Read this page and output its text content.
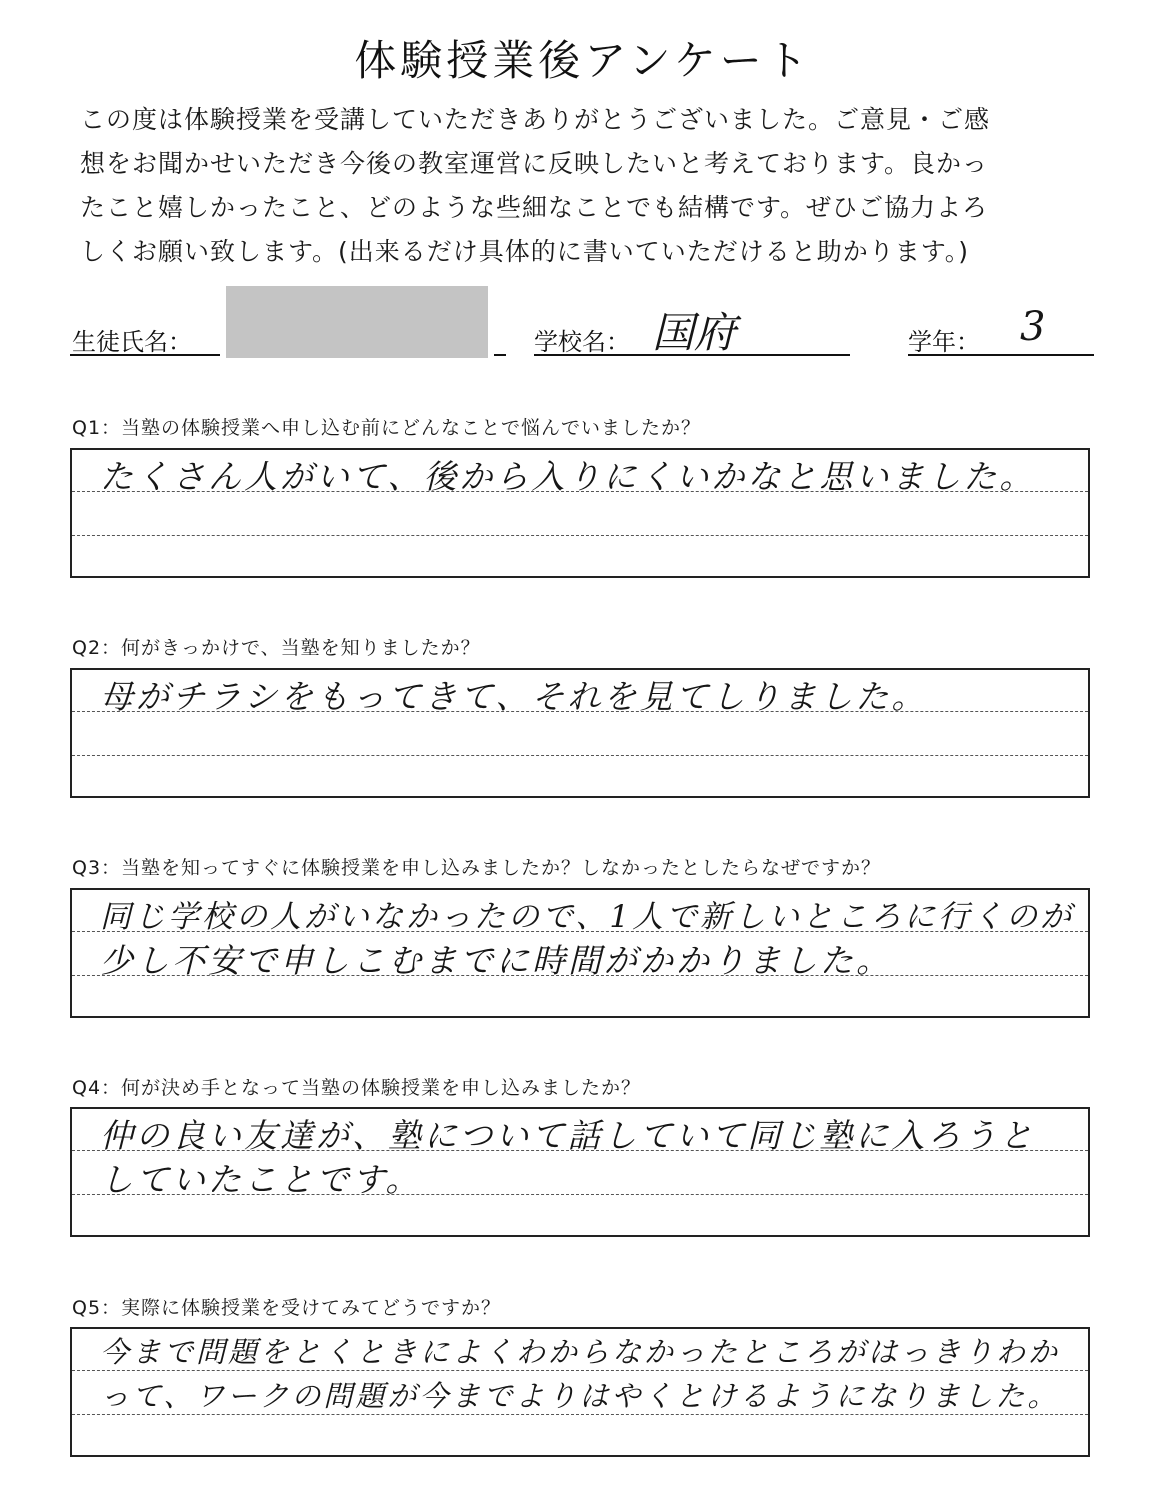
体験授業後アンケート
この度は体験授業を受講していただきありがとうございました。ご意見・ご感
想をお聞かせいただき今後の教室運営に反映したいと考えております。良かっ
たこと嬉しかったこと、どのような些細なことでも結構です。ぜひご協力よろ
しくお願い致します。(出来るだけ具体的に書いていただけると助かります。)
生徒氏名：	学校名： 国府	学年： 3
Q1：当塾の体験授業へ申し込む前にどんなことで悩んでいましたか？
たくさん人がいて、後から入りにくいかなと思いました。
Q2：何がきっかけで、当塾を知りましたか？
母がチラシをもってきて、それを見てしりました。
Q3：当塾を知ってすぐに体験授業を申し込みましたか？しなかったとしたらなぜですか？
同じ学校の人がいなかったので、1人で新しいところに行くのが
少し不安で申しこむまでに時間がかかりました。
Q4：何が決め手となって当塾の体験授業を申し込みましたか？
仲の良い友達が、塾について話していて同じ塾に入ろうと
していたことです。
Q5：実際に体験授業を受けてみてどうですか？
今まで問題をとくときによくわからなかったところがはっきりわか
って、ワークの問題が今までよりはやくとけるようになりました。
